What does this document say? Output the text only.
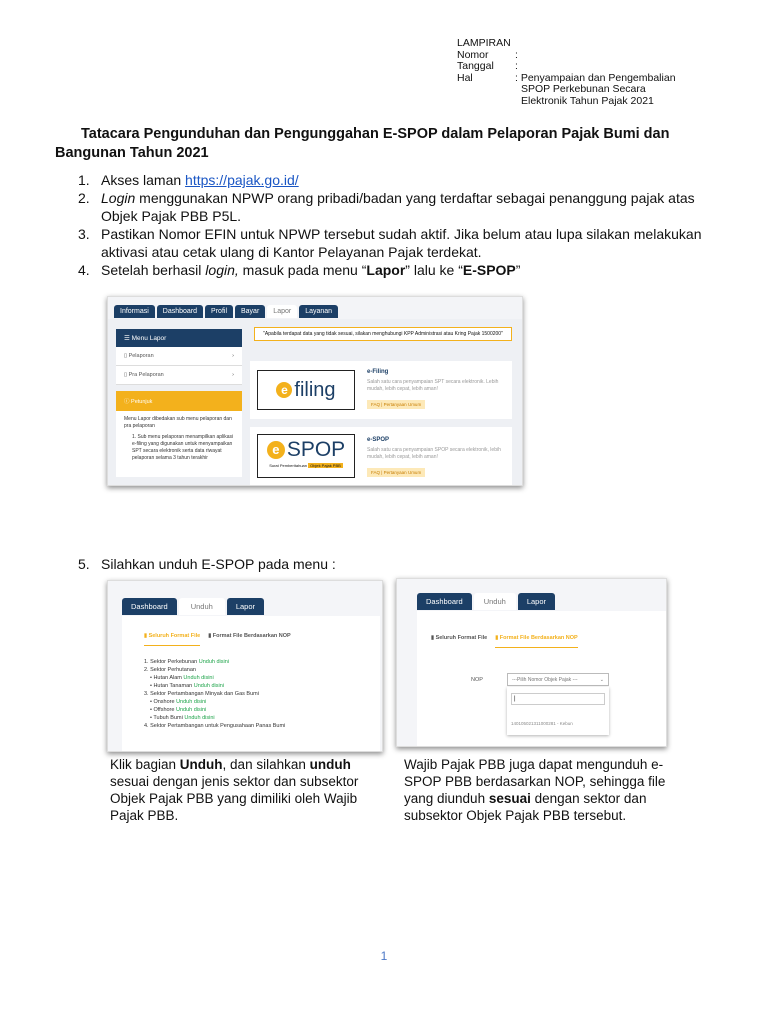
LAMPIRAN
Nomor	:
Tanggal	:
Hal	: Penyampaian dan Pengembalian
SPOP Perkebunan Secara
Elektronik Tahun Pajak 2021
Tatacara Pengunduhan dan Pengunggahan E-SPOP dalam Pelaporan Pajak Bumi dan Bangunan Tahun 2021
1. Akses laman https://pajak.go.id/
2. Login menggunakan NPWP orang pribadi/badan yang terdaftar sebagai penanggung pajak atas Objek Pajak PBB P5L.
3. Pastikan Nomor EFIN untuk NPWP tersebut sudah aktif. Jika belum atau lupa silakan melakukan aktivasi atau cetak ulang di Kantor Pelayanan Pajak terdekat.
4. Setelah berhasil login, masuk pada menu “Lapor” lalu ke “E-SPOP”
Informasi	Dashboard	Profil	Bayar	Lapor	Layanan
☰ Menu Lapor
▯ Pelaporan	›
▯ Pra Pelaporan	›
ⓘ Petunjuk
Menu Lapor dibedakan sub menu pelaporan dan pra pelaporan
1. Sub menu pelaporan menampilkan aplikasi e-filing yang digunakan untuk menyampaikan SPT secara elektronik serta data riwayat pelaporan selama 3 tahun terakhir
"Apabila terdapat data yang tidak sesuai, silakan menghubungi KPP Administrasi atau Kring Pajak 1500200"
e filing
e-Filing
Salah satu cara penyampaian SPT secara elektronik. Lebih mudah, lebih cepat, lebih aman!
FAQ | Pertanyaan Umum
e SPOP
Surat Pemberitahuan Objek Pajak PBB
e-SPOP
Salah satu cara penyampaian SPOP secara elektronik, lebih mudah, lebih cepat, lebih aman!
FAQ | Pertanyaan Umum
5. Silahkan unduh E-SPOP pada menu :
Dashboard	Unduh	Lapor
▮ Seluruh Format File ▮ Format File Berdasarkan NOP
1. Sektor Perkebunan Unduh disini
2. Sektor Perhutanan
• Hutan Alam Unduh disini
• Hutan Tanaman Unduh disini
3. Sektor Pertambangan Minyak dan Gas Bumi
• Onshore Unduh disini
• Offshore Unduh disini
• Tubuh Bumi Unduh disini
4. Sektor Pertambangan untuk Pengusahaan Panas Bumi
Dashboard	Unduh	Lapor
▮ Seluruh Format File ▮ Format File Berdasarkan NOP
NOP	---Pilih Nomor Objek Pajak ---	⌄
|
140105021311000281 - Kebun
Klik bagian Unduh, dan silahkan unduh sesuai dengan jenis sektor dan subsektor Objek Pajak PBB yang dimiliki oleh Wajib Pajak PBB.
Wajib Pajak PBB juga dapat mengunduh e-SPOP PBB berdasarkan NOP, sehingga file yang diunduh sesuai dengan sektor dan subsektor Objek Pajak PBB tersebut.
1
